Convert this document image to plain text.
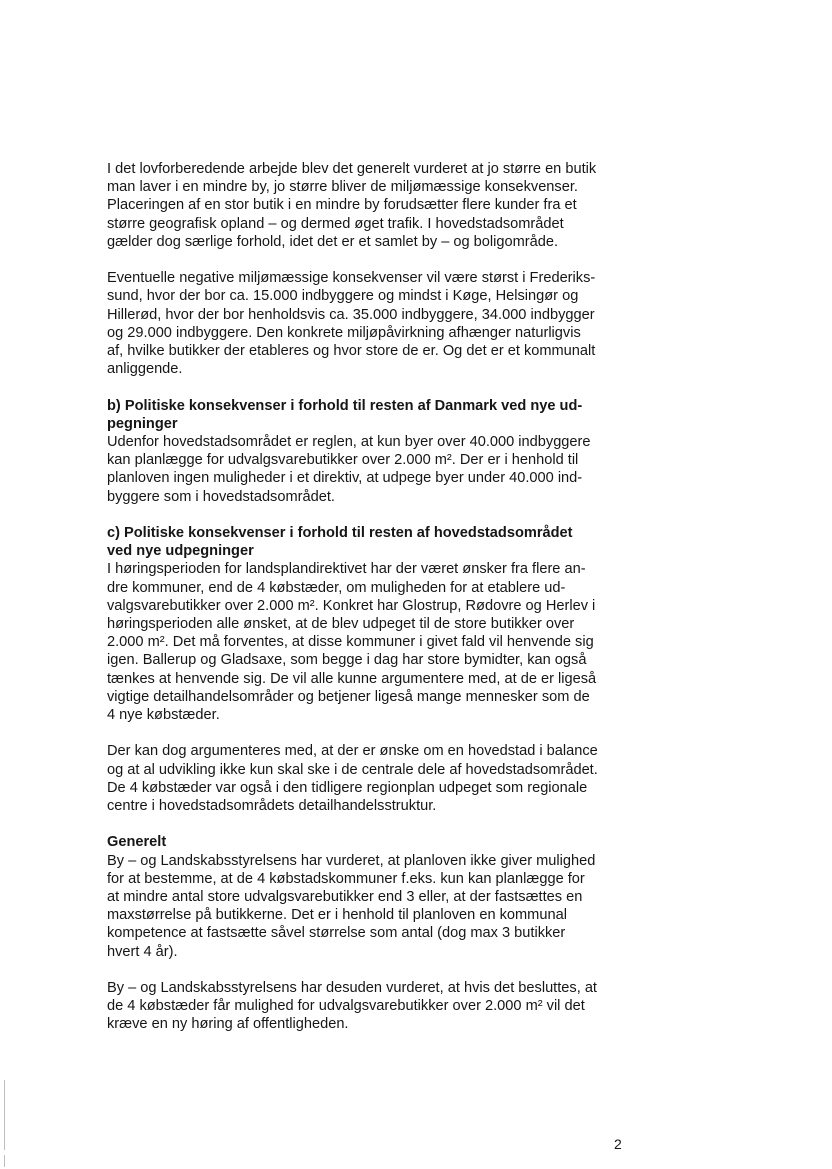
I det lovforberedende arbejde blev det generelt vurderet at jo større en butik
man laver i en mindre by, jo større bliver de miljømæssige konsekvenser.
Placeringen af en stor butik i en mindre by forudsætter flere kunder fra et
større geografisk opland – og dermed øget trafik. I hovedstadsområdet
gælder dog særlige forhold, idet det er et samlet by – og boligområde.

Eventuelle negative miljømæssige konsekvenser vil være størst i Frederiks-
sund, hvor der bor ca. 15.000 indbyggere og mindst i Køge, Helsingør og
Hillerød, hvor der bor henholdsvis ca. 35.000 indbyggere, 34.000 indbygger
og 29.000 indbyggere. Den konkrete miljøpåvirkning afhænger naturligvis
af, hvilke butikker der etableres og hvor store de er. Og det er et kommunalt
anliggende.

b) Politiske konsekvenser i forhold til resten af Danmark ved nye ud-
pegninger
Udenfor hovedstadsområdet er reglen, at kun byer over 40.000 indbyggere
kan planlægge for udvalgsvarebutikker over 2.000 m². Der er i henhold til
planloven ingen muligheder i et direktiv, at udpege byer under 40.000 ind-
byggere som i hovedstadsområdet.

c) Politiske konsekvenser i forhold til resten af hovedstadsområdet
ved nye udpegninger
I høringsperioden for landsplandirektivet har der været ønsker fra flere an-
dre kommuner, end de 4 købstæder, om muligheden for at etablere ud-
valgsvarebutikker over 2.000 m². Konkret har Glostrup, Rødovre og Herlev i
høringsperioden alle ønsket, at de blev udpeget til de store butikker over
2.000 m². Det må forventes, at disse kommuner i givet fald vil henvende sig
igen. Ballerup og Gladsaxe, som begge i dag har store bymidter, kan også
tænkes at henvende sig. De vil alle kunne argumentere med, at de er ligeså
vigtige detailhandelsområder og betjener ligeså mange mennesker som de
4 nye købstæder.

Der kan dog argumenteres med, at der er ønske om en hovedstad i balance
og at al udvikling ikke kun skal ske i de centrale dele af hovedstadsområdet.
De 4 købstæder var også i den tidligere regionplan udpeget som regionale
centre i hovedstadsområdets detailhandelsstruktur.

Generelt
By – og Landskabsstyrelsens har vurderet, at planloven ikke giver mulighed
for at bestemme, at de 4 købstadskommuner f.eks. kun kan planlægge for
at mindre antal store udvalgsvarebutikker end 3 eller, at der fastsættes en
maxstørrelse på butikkerne. Det er i henhold til planloven en kommunal
kompetence at fastsætte såvel størrelse som antal (dog max 3 butikker
hvert 4 år).

By – og Landskabsstyrelsens har desuden vurderet, at hvis det besluttes, at
de 4 købstæder får mulighed for udvalgsvarebutikker over 2.000 m² vil det
kræve en ny høring af offentligheden.

2
